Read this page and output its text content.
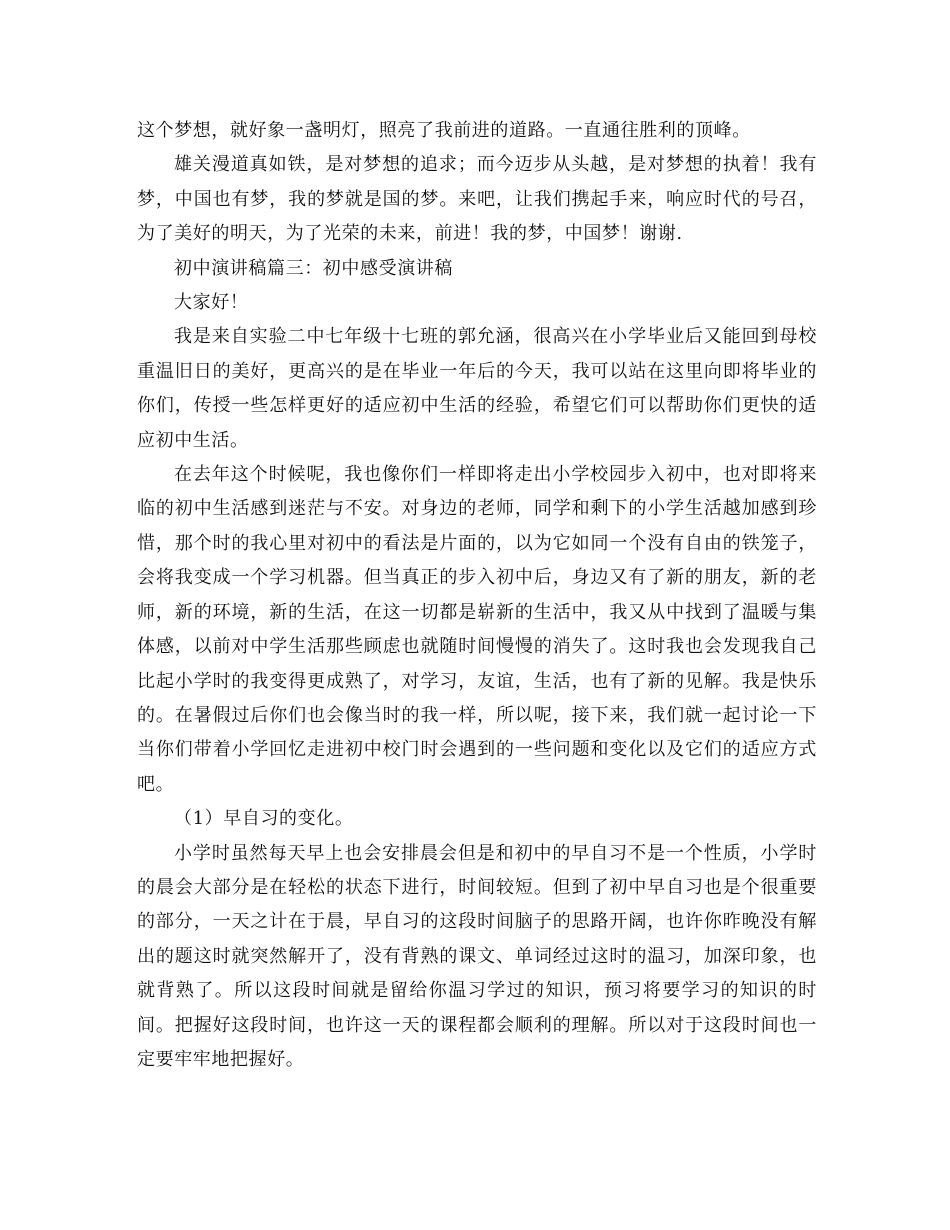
这个梦想，就好象一盏明灯，照亮了我前进的道路。一直通往胜利的顶峰。

雄关漫道真如铁，是对梦想的追求；而今迈步从头越，是对梦想的执着！我有梦，中国也有梦，我的梦就是国的梦。来吧，让我们携起手来，响应时代的号召，为了美好的明天，为了光荣的未来，前进！我的梦，中国梦！谢谢.

初中演讲稿篇三：初中感受演讲稿

大家好！

我是来自实验二中七年级十七班的郭允涵，很高兴在小学毕业后又能回到母校重温旧日的美好，更高兴的是在毕业一年后的今天，我可以站在这里向即将毕业的你们，传授一些怎样更好的适应初中生活的经验，希望它们可以帮助你们更快的适应初中生活。

在去年这个时候呢，我也像你们一样即将走出小学校园步入初中，也对即将来临的初中生活感到迷茫与不安。对身边的老师，同学和剩下的小学生活越加感到珍惜，那个时的我心里对初中的看法是片面的，以为它如同一个没有自由的铁笼子，会将我变成一个学习机器。但当真正的步入初中后，身边又有了新的朋友，新的老师，新的环境，新的生活，在这一切都是崭新的生活中，我又从中找到了温暖与集体感，以前对中学生活那些顾虑也就随时间慢慢的消失了。这时我也会发现我自己比起小学时的我变得更成熟了，对学习，友谊，生活，也有了新的见解。我是快乐的。在暑假过后你们也会像当时的我一样，所以呢，接下来，我们就一起讨论一下当你们带着小学回忆走进初中校门时会遇到的一些问题和变化以及它们的适应方式吧。

（1）早自习的变化。

小学时虽然每天早上也会安排晨会但是和初中的早自习不是一个性质，小学时的晨会大部分是在轻松的状态下进行，时间较短。但到了初中早自习也是个很重要的部分，一天之计在于晨，早自习的这段时间脑子的思路开阔，也许你昨晚没有解出的题这时就突然解开了，没有背熟的课文、单词经过这时的温习，加深印象，也就背熟了。所以这段时间就是留给你温习学过的知识，预习将要学习的知识的时间。把握好这段时间，也许这一天的课程都会顺利的理解。所以对于这段时间也一定要牢牢地把握好。
